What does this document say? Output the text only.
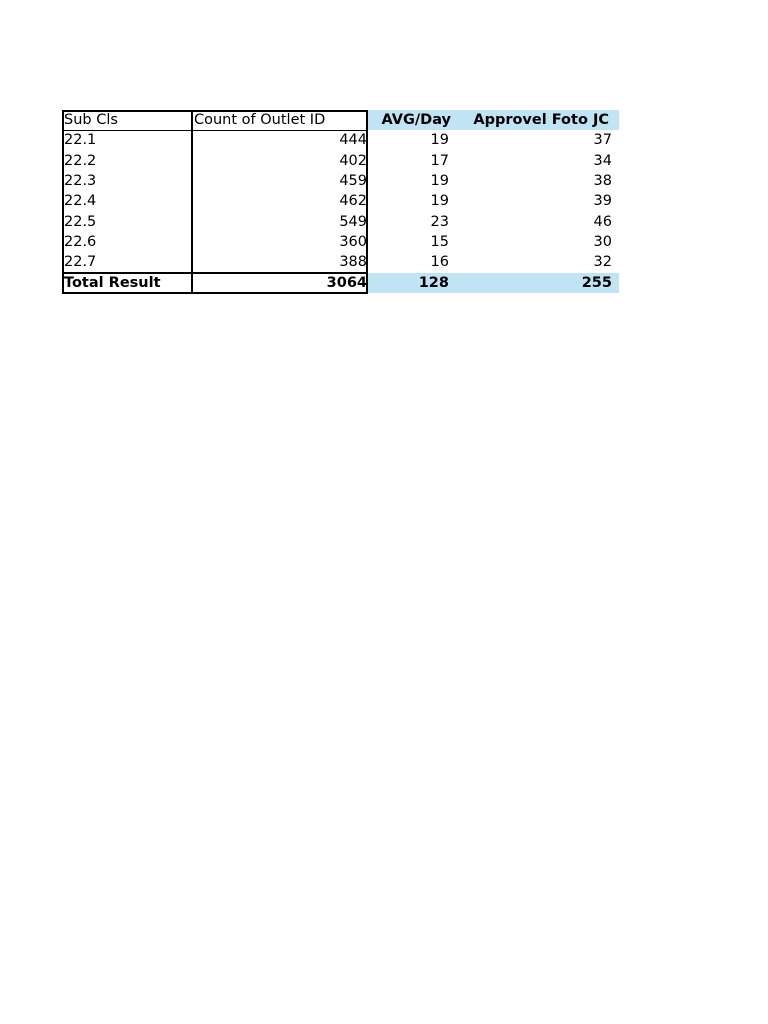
Sub Cls	Count of Outlet ID	AVG/Day	Approvel Foto JC
22.1	444	19	37
22.2	402	17	34
22.3	459	19	38
22.4	462	19	39
22.5	549	23	46
22.6	360	15	30
22.7	388	16	32
Total Result	3064	128	255
